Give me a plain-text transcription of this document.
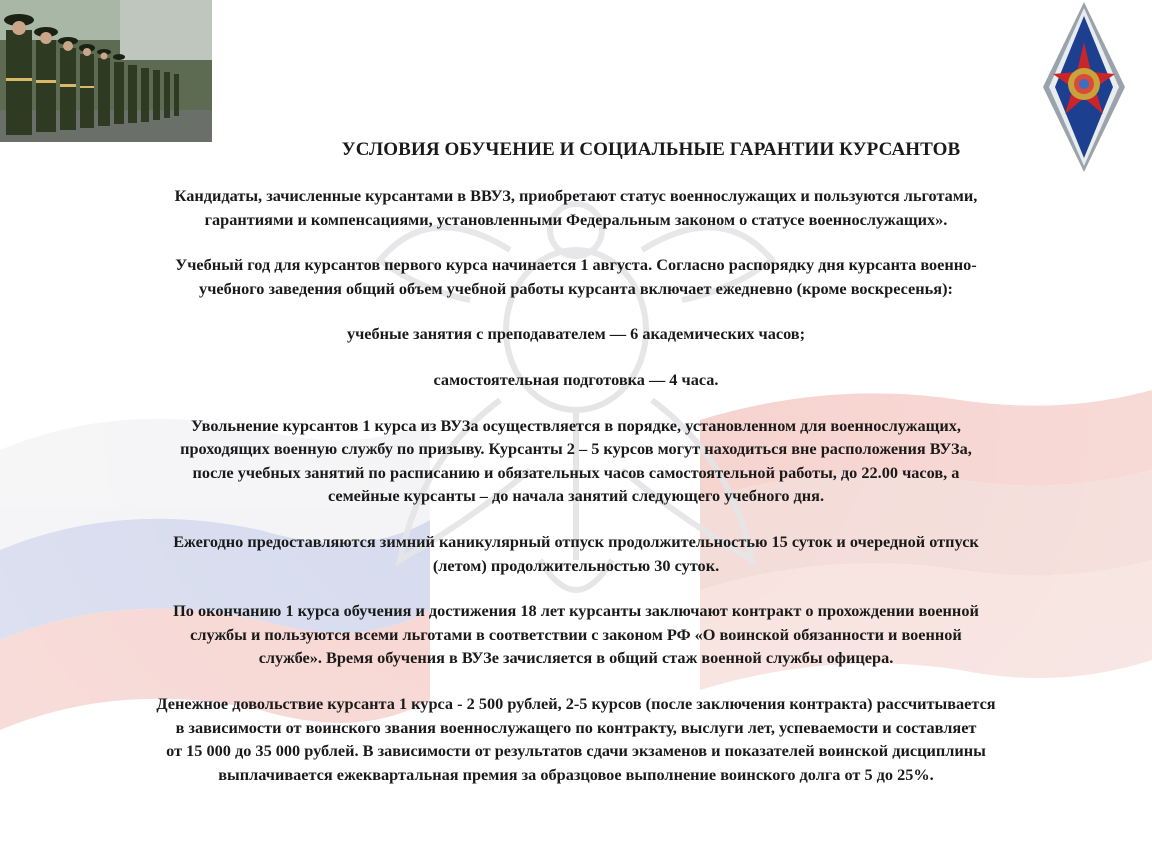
УСЛОВИЯ ОБУЧЕНИЕ И СОЦИАЛЬНЫЕ ГАРАНТИИ КУРСАНТОВ
Кандидаты, зачисленные курсантами в ВВУЗ, приобретают статус военнослужащих и пользуются льготами,
гарантиями и компенсациями, установленными Федеральным законом о статусе военнослужащих».
Учебный год для курсантов первого курса начинается 1 августа. Согласно распорядку дня курсанта военно-
учебного заведения общий объем учебной работы курсанта включает ежедневно (кроме воскресенья):
учебные занятия с преподавателем — 6 академических часов;
самостоятельная подготовка — 4 часа.
Увольнение курсантов 1 курса из ВУЗа осуществляется в порядке, установленном для военнослужащих,
проходящих военную службу по призыву. Курсанты 2 – 5 курсов могут находиться вне расположения ВУЗа,
после учебных занятий по расписанию и обязательных часов самостоятельной работы, до 22.00 часов, а
семейные курсанты – до начала занятий следующего учебного дня.
Ежегодно предоставляются зимний каникулярный отпуск продолжительностью 15 суток и очередной отпуск
(летом) продолжительностью 30 суток.
По окончанию 1 курса обучения и достижения 18 лет курсанты заключают контракт о прохождении военной
службы и пользуются всеми льготами в соответствии с законом РФ «О воинской обязанности и военной
службе». Время обучения в ВУЗе зачисляется в общий стаж военной службы офицера.
Денежное довольствие курсанта 1 курса - 2 500 рублей, 2-5 курсов (после заключения контракта) рассчитывается
в зависимости от воинского звания военнослужащего по контракту, выслуги лет, успеваемости и составляет
от 15 000 до 35 000 рублей. В зависимости от результатов сдачи экзаменов и показателей воинской дисциплины
выплачивается ежеквартальная премия за образцовое выполнение воинского долга от 5 до 25%.
